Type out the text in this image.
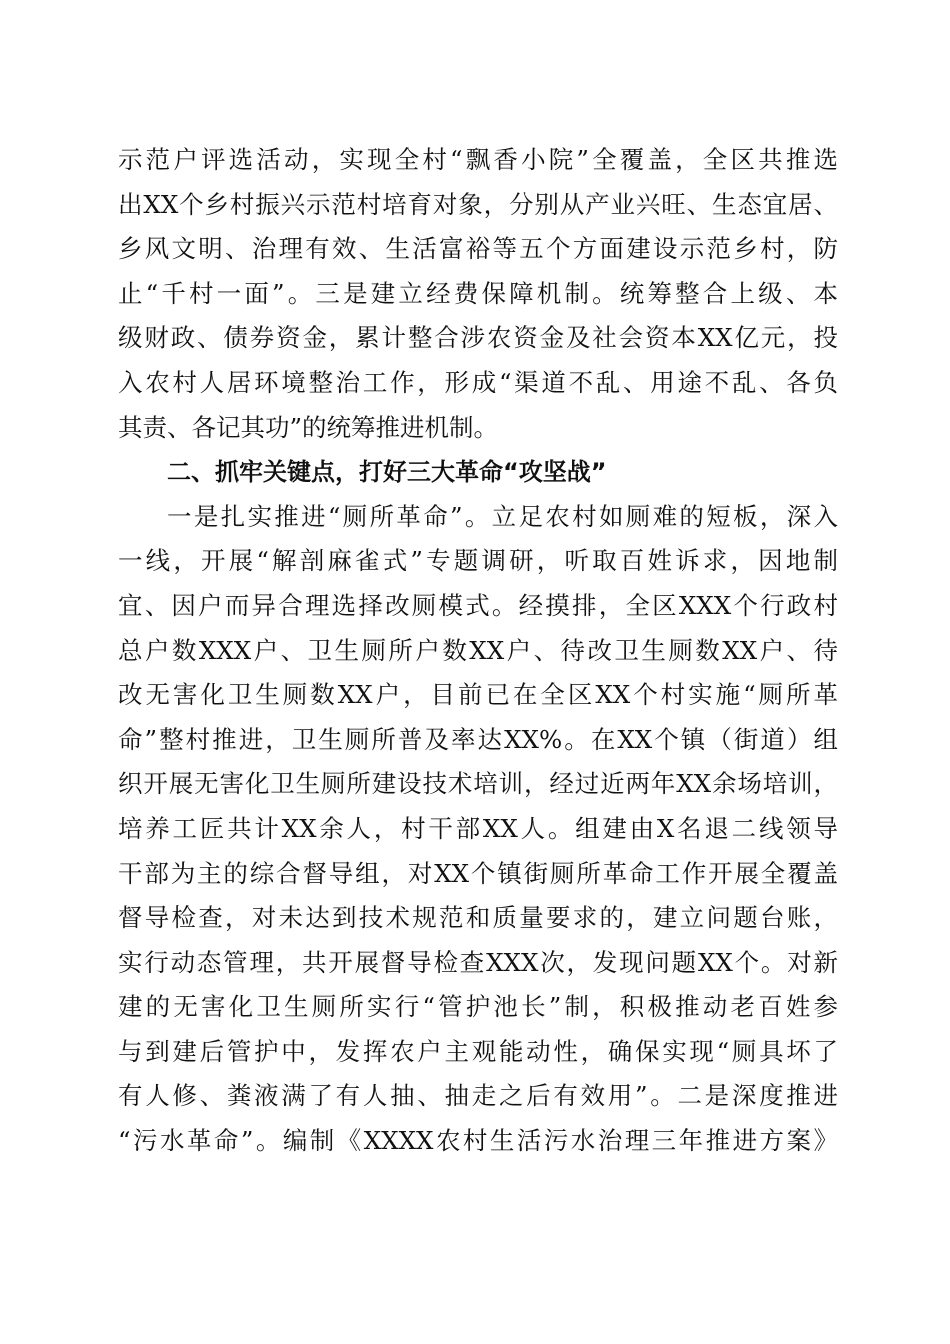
示范户评选活动，实现全村“飘香小院”全覆盖，全区共推选
出XX个乡村振兴示范村培育对象，分别从产业兴旺、生态宜居、
乡风文明、治理有效、生活富裕等五个方面建设示范乡村，防
止“千村一面”。三是建立经费保障机制。统筹整合上级、本
级财政、债券资金，累计整合涉农资金及社会资本XX亿元，投
入农村人居环境整治工作，形成“渠道不乱、用途不乱、各负
其责、各记其功”的统筹推进机制。
二、抓牢关键点，打好三大革命“攻坚战”
一是扎实推进“厕所革命”。立足农村如厕难的短板，深入
一线，开展“解剖麻雀式”专题调研，听取百姓诉求，因地制
宜、因户而异合理选择改厕模式。经摸排，全区XXX个行政村
总户数XXX户、卫生厕所户数XX户、待改卫生厕数XX户、待
改无害化卫生厕数XX户，目前已在全区XX个村实施“厕所革
命”整村推进，卫生厕所普及率达XX%。在XX个镇（街道）组
织开展无害化卫生厕所建设技术培训，经过近两年XX余场培训，
培养工匠共计XX余人，村干部XX人。组建由X名退二线领导
干部为主的综合督导组，对XX个镇街厕所革命工作开展全覆盖
督导检查，对未达到技术规范和质量要求的，建立问题台账，
实行动态管理，共开展督导检查XXX次，发现问题XX个。对新
建的无害化卫生厕所实行“管护池长”制，积极推动老百姓参
与到建后管护中，发挥农户主观能动性，确保实现“厕具坏了
有人修、粪液满了有人抽、抽走之后有效用”。二是深度推进
“污水革命”。编制《XXXX农村生活污水治理三年推进方案》
